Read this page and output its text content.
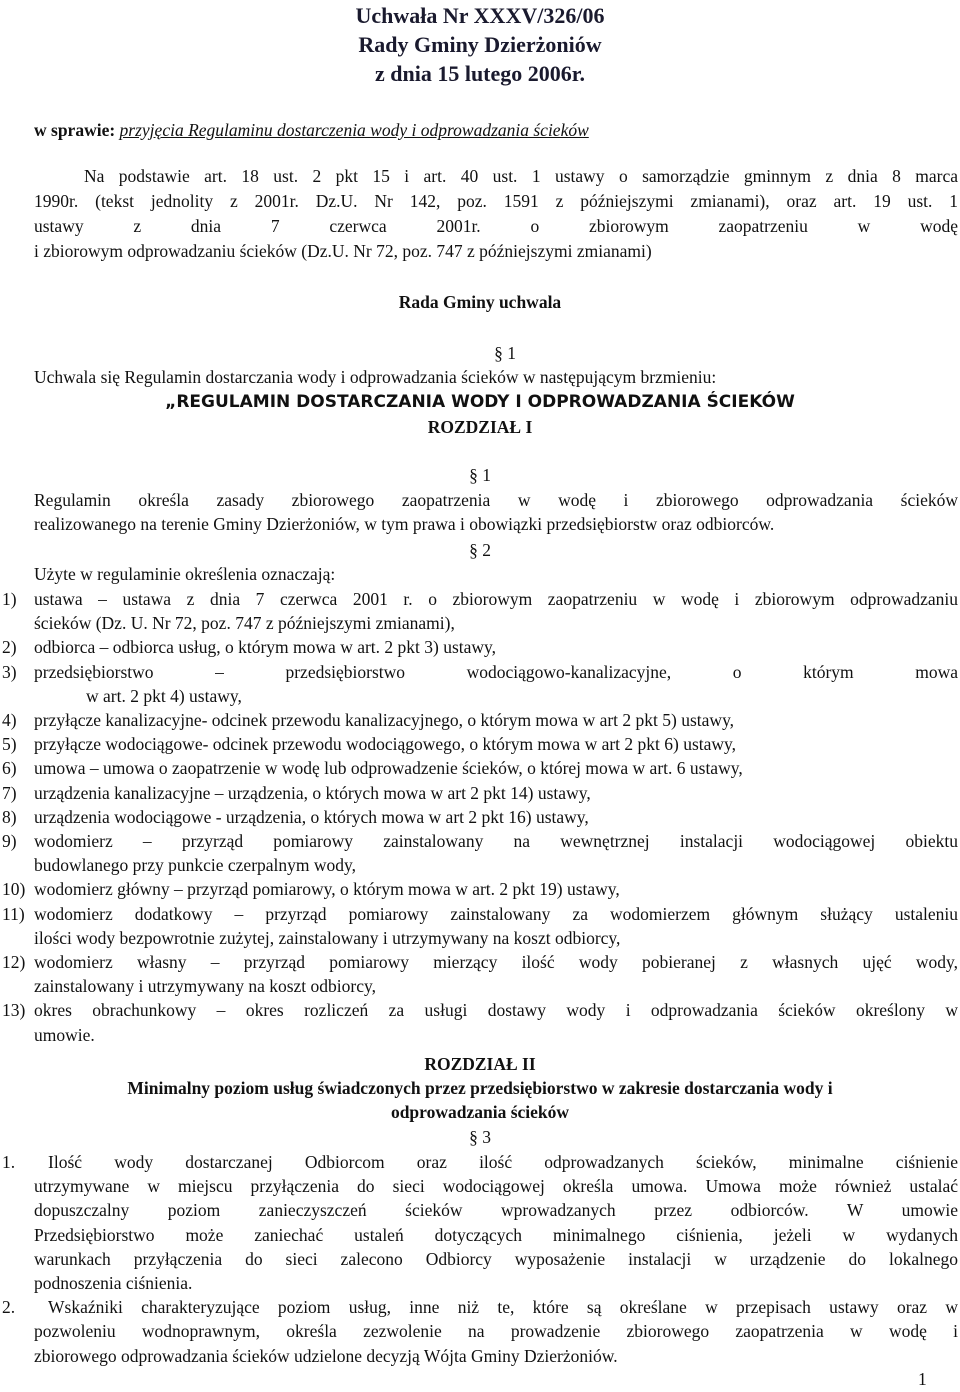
Uchwała Nr XXXV/326/06
Rady Gminy Dzierżoniów
z dnia 15 lutego 2006r.
w sprawie: przyjęcia Regulaminu dostarczenia wody i odprowadzania ścieków
Na podstawie art. 18 ust. 2 pkt 15 i art. 40 ust. 1 ustawy o samorządzie gminnym z dnia 8 marca
1990r. (tekst jednolity z 2001r. Dz.U. Nr 142, poz. 1591 z późniejszymi zmianami), oraz art. 19 ust. 1
ustawy z dnia 7 czerwca 2001r. o zbiorowym zaopatrzeniu w wodę
i zbiorowym odprowadzaniu ścieków (Dz.U. Nr 72, poz. 747 z późniejszymi zmianami)
Rada Gminy uchwala
§ 1
Uchwala się Regulamin dostarczania wody i odprowadzania ścieków w następującym brzmieniu:
„REGULAMIN DOSTARCZANIA WODY I ODPROWADZANIA ŚCIEKÓW
ROZDZIAŁ I
§ 1
Regulamin określa zasady zbiorowego zaopatrzenia w wodę i zbiorowego odprowadzania ścieków
realizowanego na terenie Gminy Dzierżoniów, w tym prawa i obowiązki przedsiębiorstw oraz odbiorców.
§ 2
Użyte w regulaminie określenia oznaczają:
1) ustawa – ustawa z dnia 7 czerwca 2001 r. o zbiorowym zaopatrzeniu w wodę i zbiorowym odprowadzaniu
ścieków (Dz. U. Nr 72, poz. 747 z późniejszymi zmianami),
2) odbiorca – odbiorca usług, o którym mowa w art. 2 pkt 3) ustawy,
3) przedsiębiorstwo – przedsiębiorstwo wodociągowo-kanalizacyjne, o którym mowa
w art. 2 pkt 4) ustawy,
4) przyłącze kanalizacyjne- odcinek przewodu kanalizacyjnego, o którym mowa w art 2 pkt 5) ustawy,
5) przyłącze wodociągowe- odcinek przewodu wodociągowego, o którym mowa w art 2 pkt 6) ustawy,
6) umowa – umowa o zaopatrzenie w wodę lub odprowadzenie ścieków, o której mowa w art. 6 ustawy,
7) urządzenia kanalizacyjne – urządzenia, o których mowa w art 2 pkt 14) ustawy,
8) urządzenia wodociągowe - urządzenia, o których mowa w art 2 pkt 16) ustawy,
9) wodomierz – przyrząd pomiarowy zainstalowany na wewnętrznej instalacji wodociągowej obiektu
budowlanego przy punkcie czerpalnym wody,
10) wodomierz główny – przyrząd pomiarowy, o którym mowa w art. 2 pkt 19) ustawy,
11) wodomierz dodatkowy – przyrząd pomiarowy zainstalowany za wodomierzem głównym służący ustaleniu
ilości wody bezpowrotnie zużytej, zainstalowany i utrzymywany na koszt odbiorcy,
12) wodomierz własny – przyrząd pomiarowy mierzący ilość wody pobieranej z własnych ujęć wody,
zainstalowany i utrzymywany na koszt odbiorcy,
13) okres obrachunkowy – okres rozliczeń za usługi dostawy wody i odprowadzania ścieków określony w
umowie.
ROZDZIAŁ II
Minimalny poziom usług świadczonych przez przedsiębiorstwo w zakresie dostarczania wody i
odprowadzania ścieków
§ 3
1. Ilość wody dostarczanej Odbiorcom oraz ilość odprowadzanych ścieków, minimalne ciśnienie
utrzymywane w miejscu przyłączenia do sieci wodociągowej określa umowa. Umowa może również ustalać
dopuszczalny poziom zanieczyszczeń ścieków wprowadzanych przez odbiorców. W umowie
Przedsiębiorstwo może zaniechać ustaleń dotyczących minimalnego ciśnienia, jeżeli w wydanych
warunkach przyłączenia do sieci zalecono Odbiorcy wyposażenie instalacji w urządzenie do lokalnego
podnoszenia ciśnienia.
2. Wskaźniki charakteryzujące poziom usług, inne niż te, które są określane w przepisach ustawy oraz w
pozwoleniu wodnoprawnym, określa zezwolenie na prowadzenie zbiorowego zaopatrzenia w wodę i
zbiorowego odprowadzania ścieków udzielone decyzją Wójta Gminy Dzierżoniów.
1
